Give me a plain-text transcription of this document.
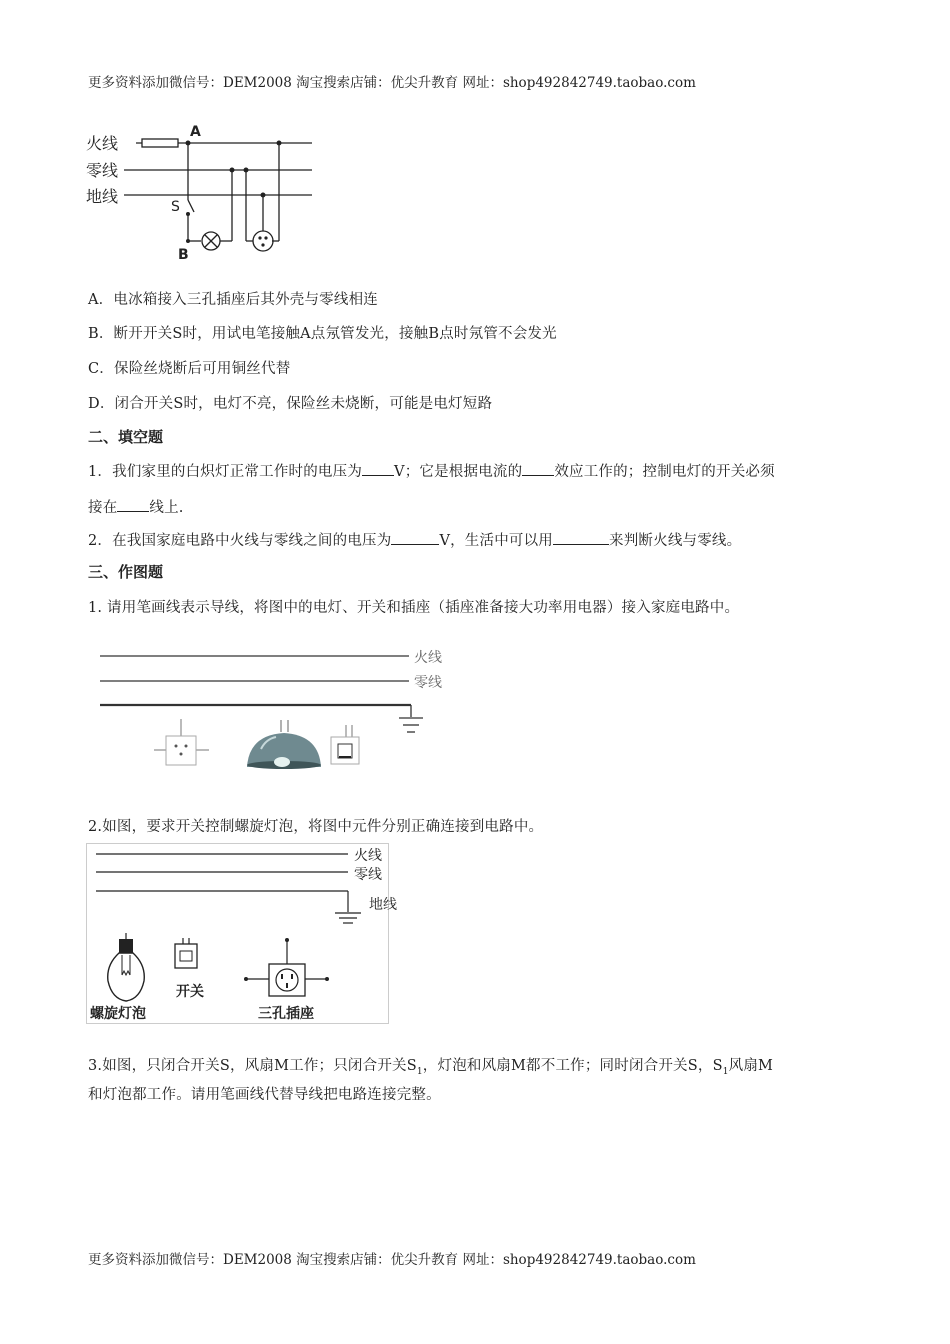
更多资料添加微信号：DEM2008 淘宝搜索店铺：优尖升教育 网址：shop492842749.taobao.com
火线
零线
地线
A
S
B
A．电冰箱接入三孔插座后其外壳与零线相连
B．断开开关S时，用试电笔接触A点氖管发光，接触B点时氖管不会发光
C．保险丝烧断后可用铜丝代替
D．闭合开关S时，电灯不亮，保险丝未烧断，可能是电灯短路
二、填空题
1．我们家里的白炽灯正常工作时的电压为 V；它是根据电流的 效应工作的；控制电灯的开关必须
接在 线上.
2．在我国家庭电路中火线与零线之间的电压为	V，生活中可以用	来判断火线与零线。
三、作图题
1. 请用笔画线表示导线，将图中的电灯、开关和插座（插座准备接大功率用电器）接入家庭电路中。
火线
零线
2.如图，要求开关控制螺旋灯泡，将图中元件分别正确连接到电路中。
火线
零线
地线
螺旋灯泡
开关
三孔插座
3.如图，只闭合开关S，风扇M工作；只闭合开关$S_1$，灯泡和风扇M都不工作；同时闭合开关S，$S_1$风扇M
和灯泡都工作。请用笔画线代替导线把电路连接完整。
更多资料添加微信号：DEM2008 淘宝搜索店铺：优尖升教育 网址：shop492842749.taobao.com
